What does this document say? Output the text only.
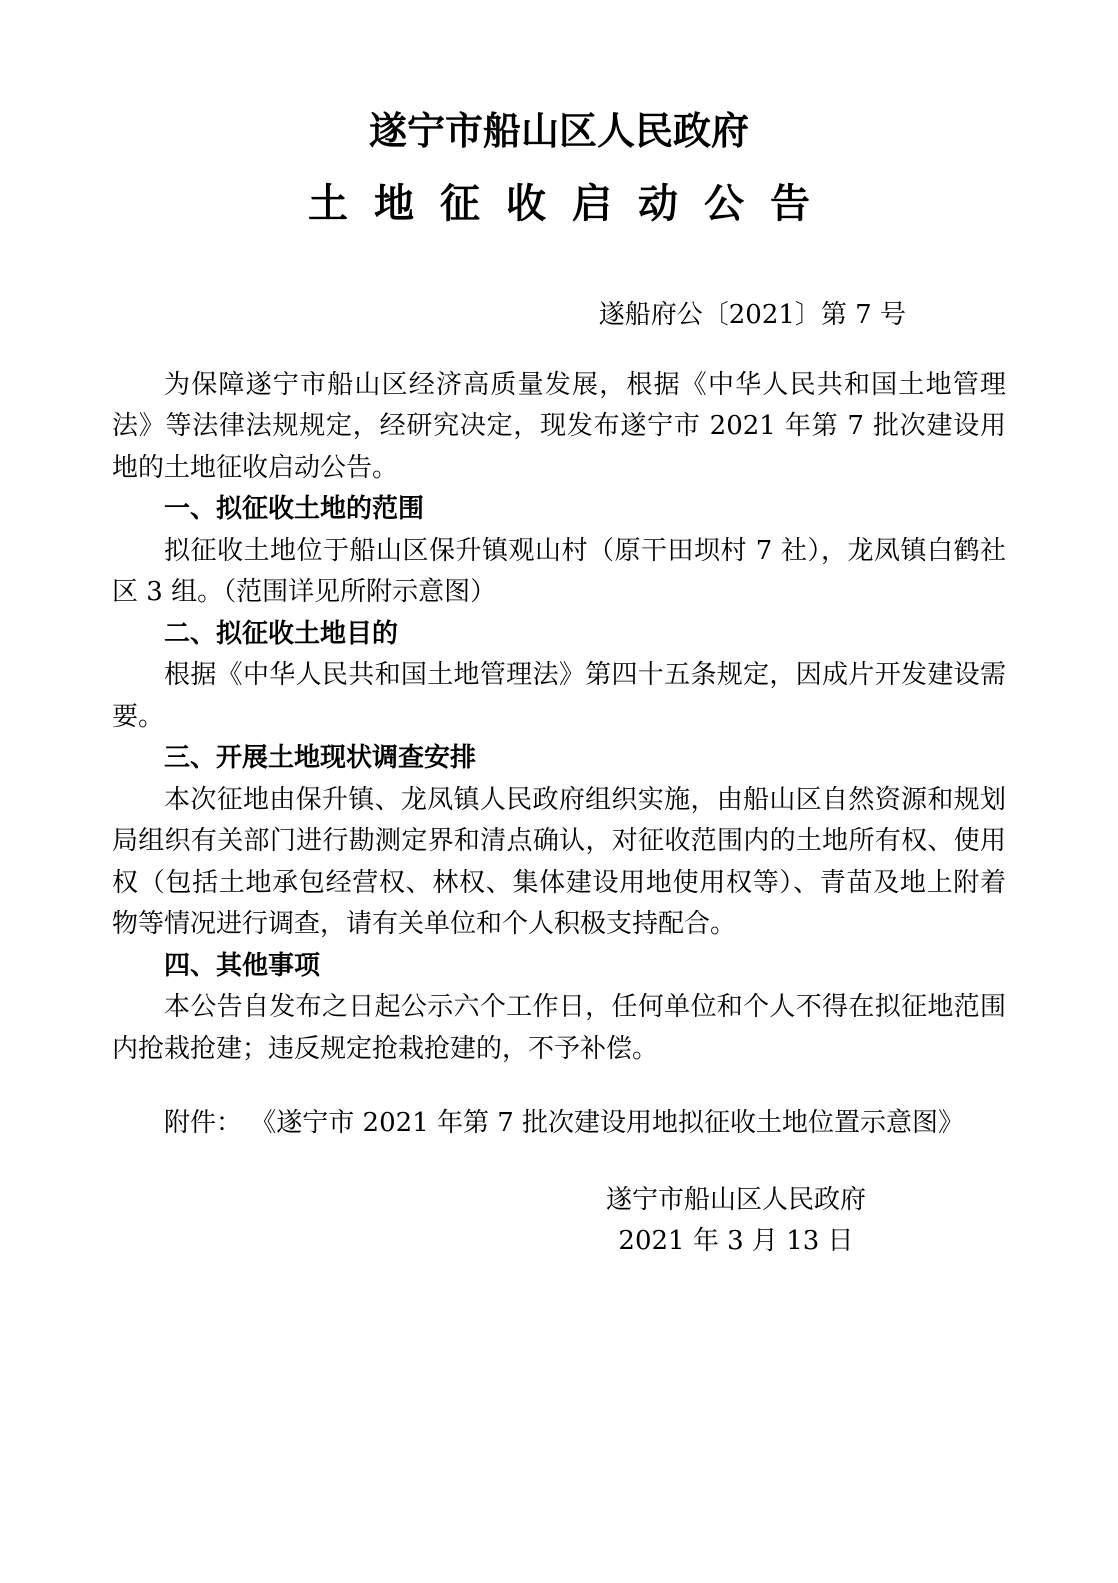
遂宁市船山区人民政府
土地征收启动公告
遂船府公〔2021〕第 7 号

为保障遂宁市船山区经济高质量发展，根据《中华人民共和国土地管理法》等法律法规规定，经研究决定，现发布遂宁市 2021 年第 7 批次建设用地的土地征收启动公告。

一、拟征收土地的范围

拟征收土地位于船山区保升镇观山村（原干田坝村 7 社），龙凤镇白鹤社区 3 组。（范围详见所附示意图）

二、拟征收土地目的

根据《中华人民共和国土地管理法》第四十五条规定，因成片开发建设需要。

三、开展土地现状调查安排

本次征地由保升镇、龙凤镇人民政府组织实施，由船山区自然资源和规划局组织有关部门进行勘测定界和清点确认，对征收范围内的土地所有权、使用权（包括土地承包经营权、林权、集体建设用地使用权等）、青苗及地上附着物等情况进行调查，请有关单位和个人积极支持配合。

四、其他事项

本公告自发布之日起公示六个工作日，任何单位和个人不得在拟征地范围内抢栽抢建；违反规定抢栽抢建的，不予补偿。

附件： 《遂宁市 2021 年第 7 批次建设用地拟征收土地位置示意图》

遂宁市船山区人民政府
2021 年 3 月 13 日
